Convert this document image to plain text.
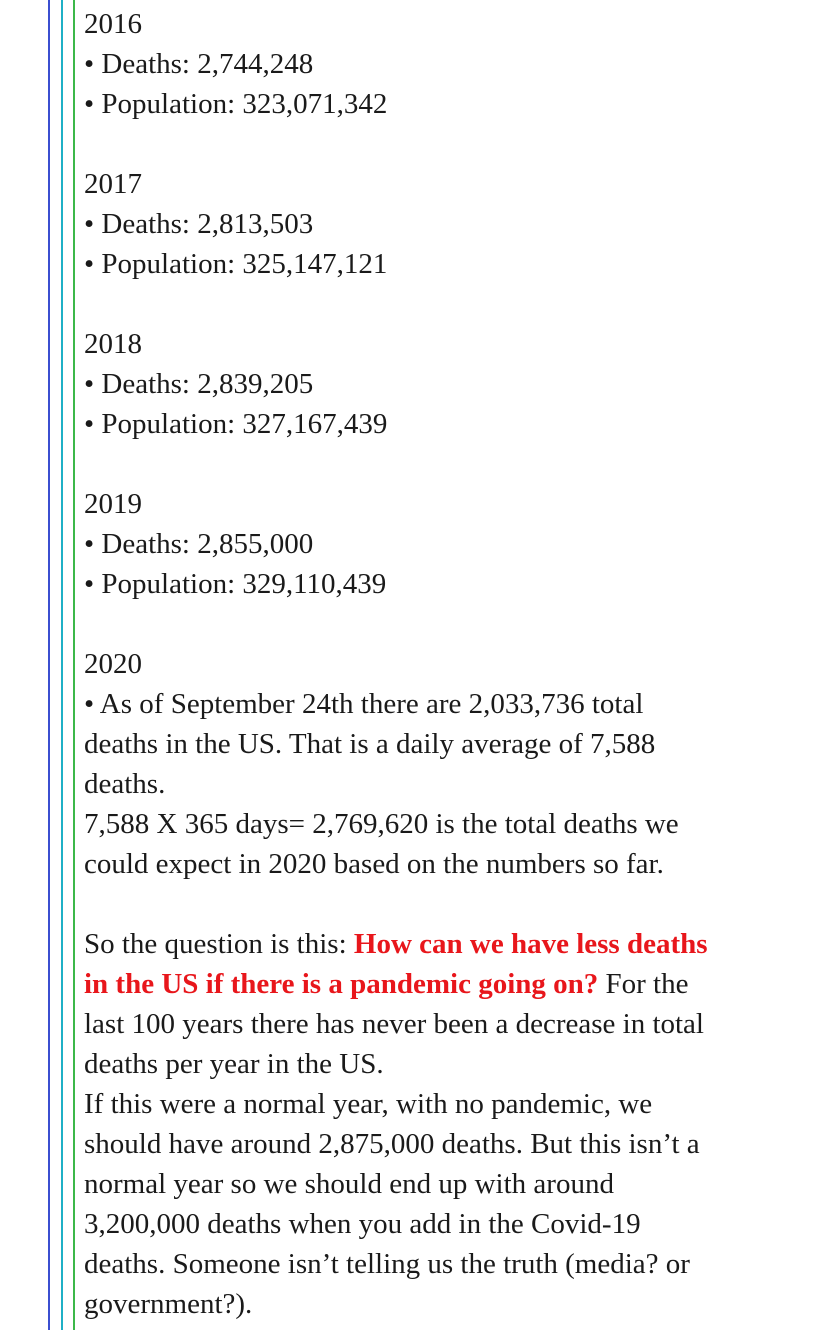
2016
• Deaths: 2,744,248
• Population: 323,071,342
2017
• Deaths: 2,813,503
• Population: 325,147,121
2018
• Deaths: 2,839,205
• Population: 327,167,439
2019
• Deaths: 2,855,000
• Population: 329,110,439
2020
• As of September 24th there are 2,033,736 total
deaths in the US. That is a daily average of 7,588
deaths.
7,588 X 365 days= 2,769,620 is the total deaths we
could expect in 2020 based on the numbers so far.
So the question is this: How can we have less deaths
in the US if there is a pandemic going on? For the
last 100 years there has never been a decrease in total
deaths per year in the US.
If this were a normal year, with no pandemic, we
should have around 2,875,000 deaths. But this isn’t a
normal year so we should end up with around
3,200,000 deaths when you add in the Covid-19
deaths. Someone isn’t telling us the truth (media? or
government?).
